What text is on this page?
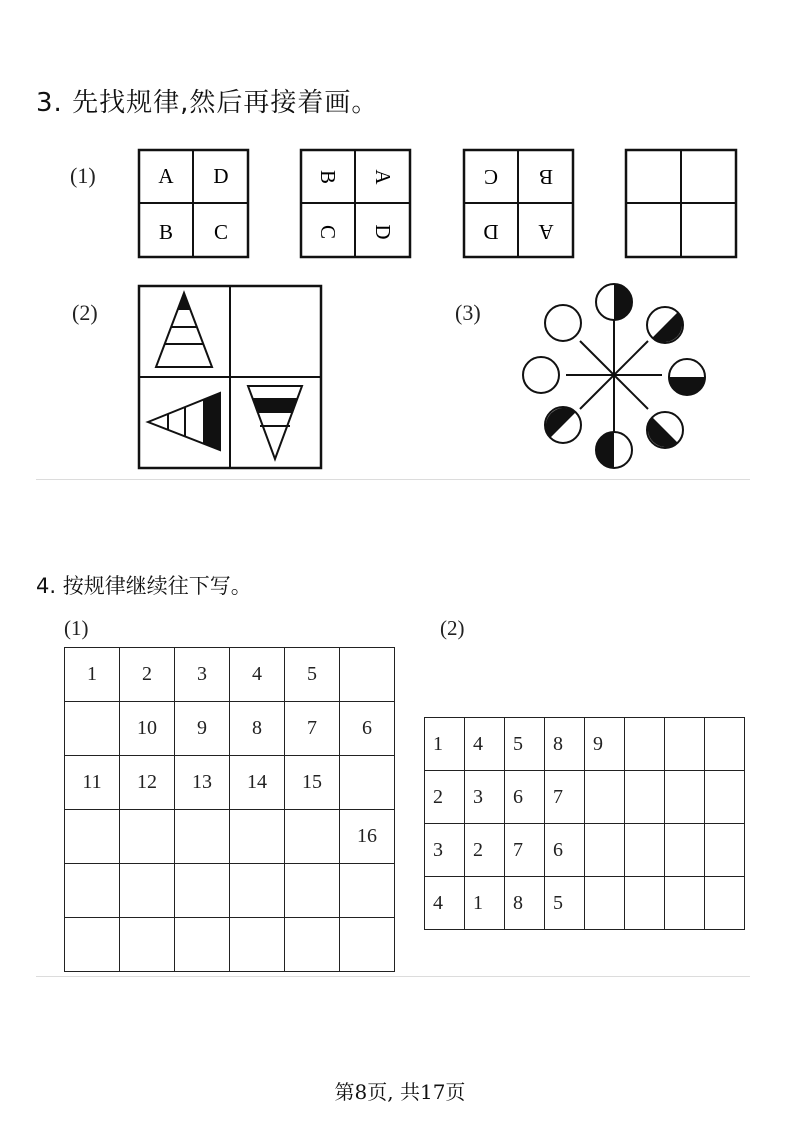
3. 先找规律,然后再接着画。
(1)	A D
B C
B A
C D
C B
D A
(2)	(3)
4. 按规律继续往下写。
(1)	(2)
1	2	3	4	5	
	10	9	8	7	6
11	12	13	14	15	
					16

1	4	5	8	9			
2	3	6	7				
3	2	7	6				
4	1	8	5				
第8页, 共17页
